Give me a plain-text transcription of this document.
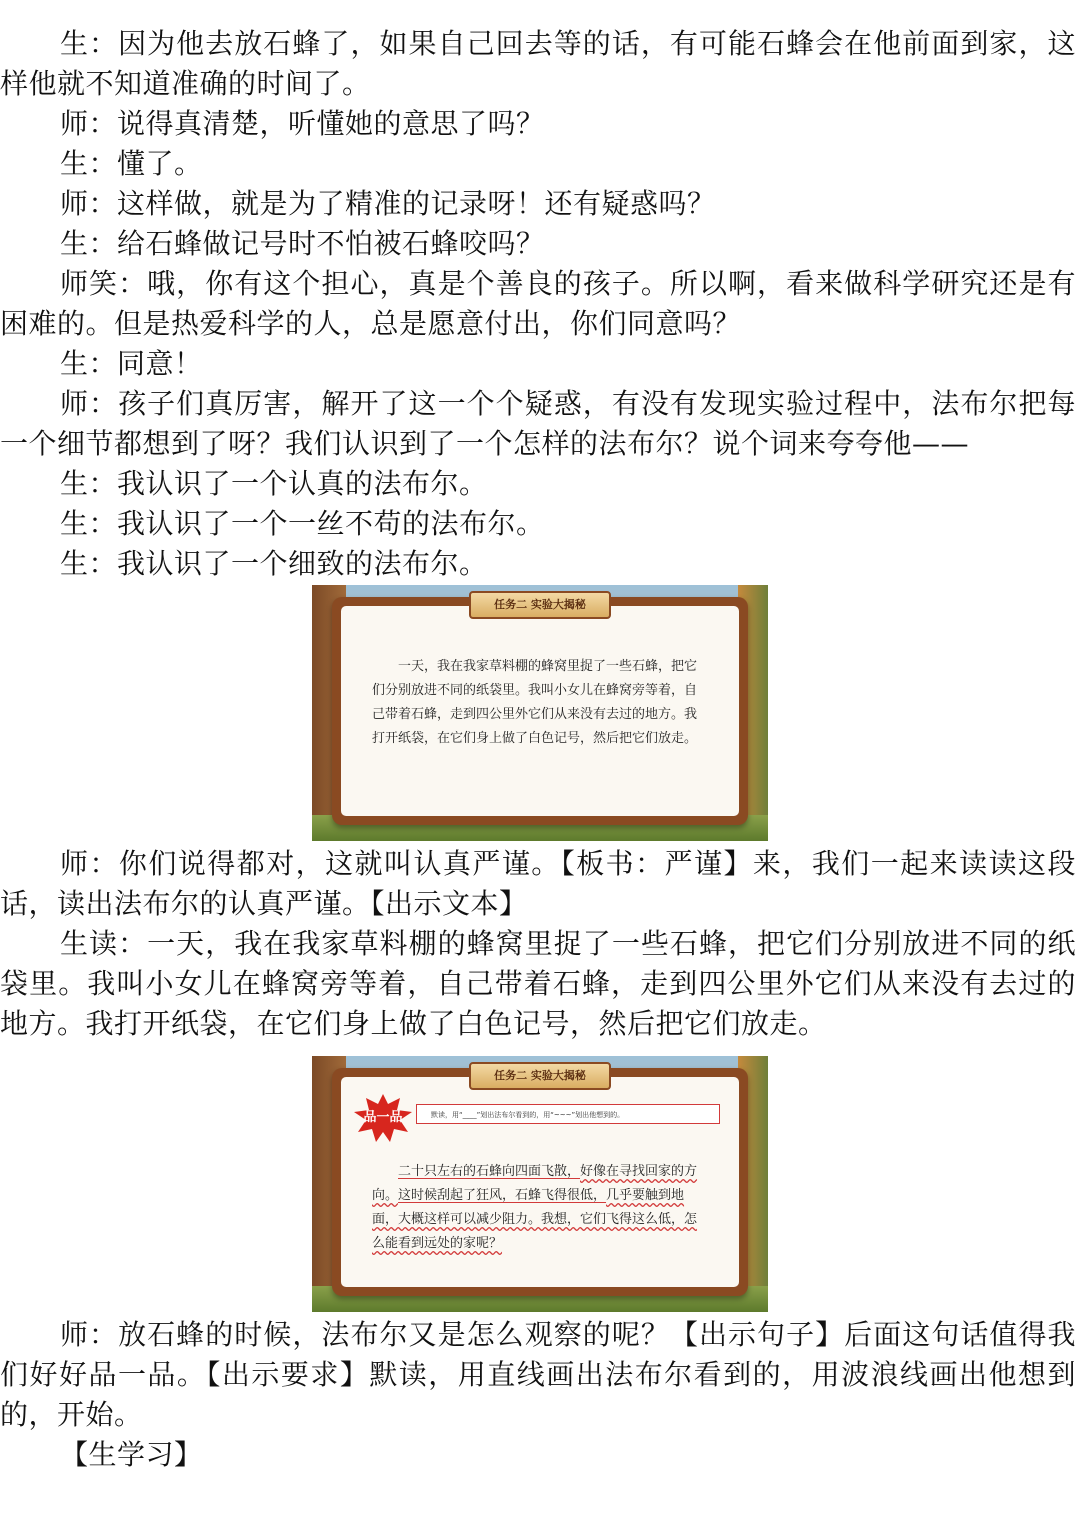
生：因为他去放石蜂了，如果自己回去等的话，有可能石蜂会在他前面到家，这样他就不知道准确的时间了。

师：说得真清楚，听懂她的意思了吗？

生：懂了。

师：这样做，就是为了精准的记录呀！还有疑惑吗？

生：给石蜂做记号时不怕被石蜂咬吗？

师笑：哦，你有这个担心，真是个善良的孩子。所以啊，看来做科学研究还是有困难的。但是热爱科学的人，总是愿意付出，你们同意吗？

生：同意！

师：孩子们真厉害，解开了这一个个疑惑，有没有发现实验过程中，法布尔把每一个细节都想到了呀？我们认识到了一个怎样的法布尔？说个词来夸夸他——

生：我认识了一个认真的法布尔。

生：我认识了一个一丝不苟的法布尔。

生：我认识了一个细致的法布尔。

任务二 实验大揭秘

一天，我在我家草料棚的蜂窝里捉了一些石蜂，把它们分别放进不同的纸袋里。我叫小女儿在蜂窝旁等着，自己带着石蜂，走到四公里外它们从来没有去过的地方。我打开纸袋，在它们身上做了白色记号，然后把它们放走。

师：你们说得都对，这就叫认真严谨。【板书：严谨】来，我们一起来读读这段话，读出法布尔的认真严谨。【出示文本】

生读：一天，我在我家草料棚的蜂窝里捉了一些石蜂，把它们分别放进不同的纸袋里。我叫小女儿在蜂窝旁等着，自己带着石蜂，走到四公里外它们从来没有去过的地方。我打开纸袋，在它们身上做了白色记号，然后把它们放走。

任务二 实验大揭秘
品一品	默读，用“____”划出法布尔看到的，用“~~~”划出他想到的。

二十只左右的石蜂向四面飞散，好像在寻找回家的方向。这时候刮起了狂风，石蜂飞得很低，几乎要触到地面，大概这样可以减少阻力。我想，它们飞得这么低，怎么能看到远处的家呢？

师：放石蜂的时候，法布尔又是怎么观察的呢？【出示句子】后面这句话值得我们好好品一品。【出示要求】默读，用直线画出法布尔看到的，用波浪线画出他想到的，开始。

【生学习】
